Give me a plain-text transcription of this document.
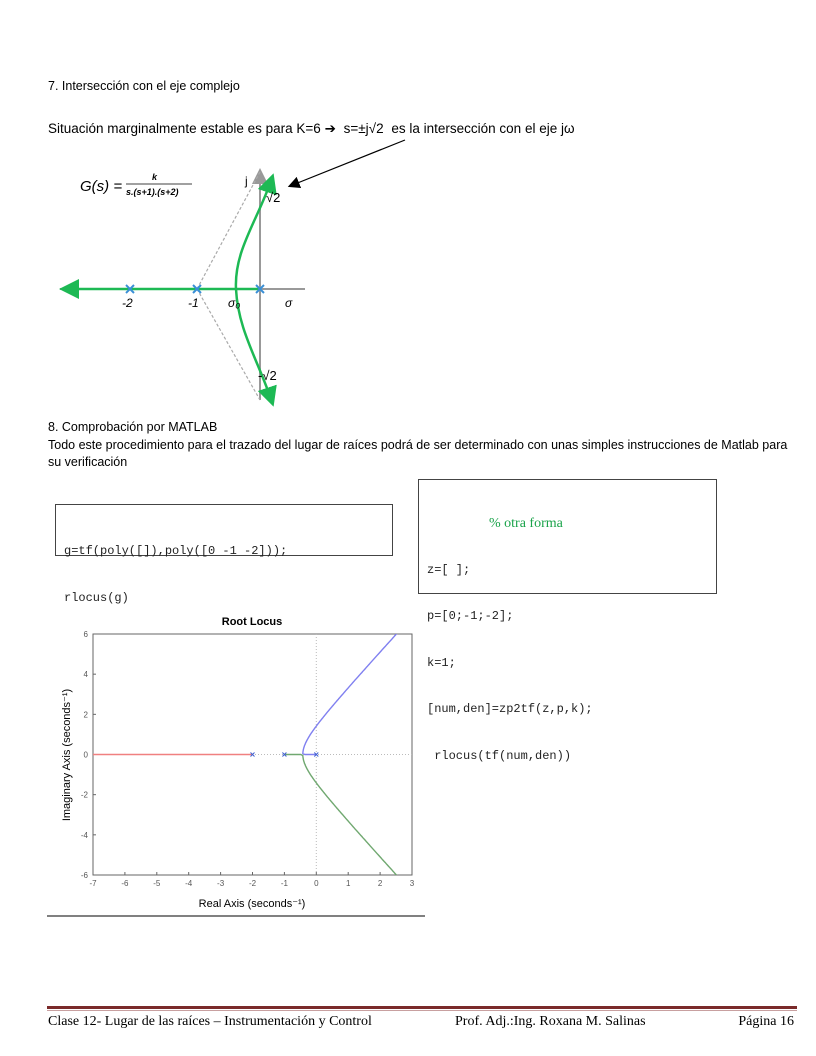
7. Intersección con el eje complejo
Situación marginalmente estable es para K=6 ➔ s=±j√2 es la intersección con el eje jω
G(s) =
k
s.(s+1).(s+2)
j
√2
-√2
-2	-1 σ₀	σ
8. Comprobación por MATLAB
Todo este procedimiento para el trazado del lugar de raíces podrá de ser determinado con unas simples instrucciones de Matlab para su verificación

g=tf(poly([]),poly([0 -1 -2]));

rlocus(g)

% otra forma

z=[ ];

p=[0;-1;-2];

k=1;

[num,den]=zp2tf(z,p,k);

rlocus(tf(num,den))

Root Locus
Real Axis (seconds⁻¹)
Imaginary Axis (seconds⁻¹)
-7	-6	-5	-4	-3	-2	-1	0	1	2	3
-6
-4
-2
0
2
4
6
Clase 12- Lugar de las raíces – Instrumentación y Control	Prof. Adj.:Ing. Roxana M. Salinas	Página 16
